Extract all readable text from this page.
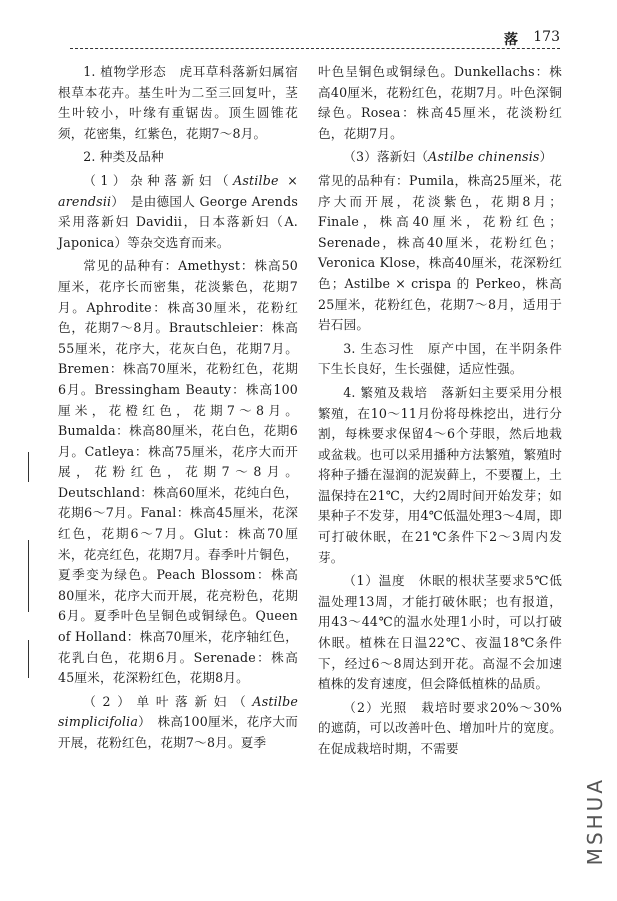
落 173

1. 植物学形态　虎耳草科落新妇属宿根草本花卉。基生叶为二至三回复叶，茎生叶较小，叶缘有重锯齿。顶生圆锥花须，花密集，红紫色，花期7～8月。

2. 种类及品种

（1）杂种落新妇（Astilbe × arendsii）　是由德国人 George Arends 采用落新妇 Davidii，日本落新妇（A. Japonica）等杂交选育而来。

常见的品种有：Amethyst：株高50厘米，花序长而密集，花淡紫色，花期7月。Aphrodite：株高30厘米，花粉红色，花期7～8月。Brautschleier：株高55厘米，花序大，花灰白色，花期7月。Bremen：株高70厘米，花粉红色，花期6月。Bressingham Beauty：株高100厘米，花橙红色，花期7～8月。Bumalda：株高80厘米，花白色，花期6月。Catleya：株高75厘米，花序大而开展，花粉红色，花期7～8月。Deutschland：株高60厘米，花纯白色，花期6～7月。Fanal：株高45厘米，花深红色，花期6～7月。Glut：株高70厘米，花亮红色，花期7月。春季叶片铜色，夏季变为绿色。Peach Blossom：株高80厘米，花序大而开展，花亮粉色，花期6月。夏季叶色呈铜色或铜绿色。Queen of Holland：株高70厘米，花序轴红色，花乳白色，花期6月。Serenade：株高45厘米，花深粉红色，花期8月。

（2）单叶落新妇（Astilbe simplicifolia）　株高100厘米，花序大而开展，花粉红色，花期7～8月。夏季

叶色呈铜色或铜绿色。Dunkellachs：株高40厘米，花粉红色，花期7月。叶色深铜绿色。Rosea：株高45厘米，花淡粉红色，花期7月。

（3）落新妇（Astilbe chinensis）

常见的品种有：Pumila，株高25厘米，花序大而开展，花淡紫色，花期8月；Finale，株高40厘米，花粉红色；Serenade，株高40厘米，花粉红色；Veronica Klose，株高40厘米，花深粉红色；Astilbe × crispa 的 Perkeo，株高25厘米，花粉红色，花期7～8月，适用于岩石园。

3. 生态习性　原产中国，在半阴条件下生长良好，生长强健，适应性强。

4. 繁殖及栽培　落新妇主要采用分根繁殖，在10～11月份将母株挖出，进行分割，每株要求保留4～6个芽眼，然后地栽或盆栽。也可以采用播种方法繁殖，繁殖时将种子播在湿润的泥炭藓上，不要覆上，土温保持在21℃，大约2周时间开始发芽；如果种子不发芽，用4℃低温处理3～4周，即可打破休眠，在21℃条件下2～3周内发芽。

（1）温度　休眠的根状茎要求5℃低温处理13周，才能打破休眠；也有报道，用43～44℃的温水处理1小时，可以打破休眠。植株在日温22℃、夜温18℃条件下，经过6～8周达到开花。高湿不会加速植株的发育速度，但会降低植株的品质。

（2）光照　栽培时要求20%～30%的遮荫，可以改善叶色、增加叶片的宽度。在促成栽培时期，不需要

MSHUA
